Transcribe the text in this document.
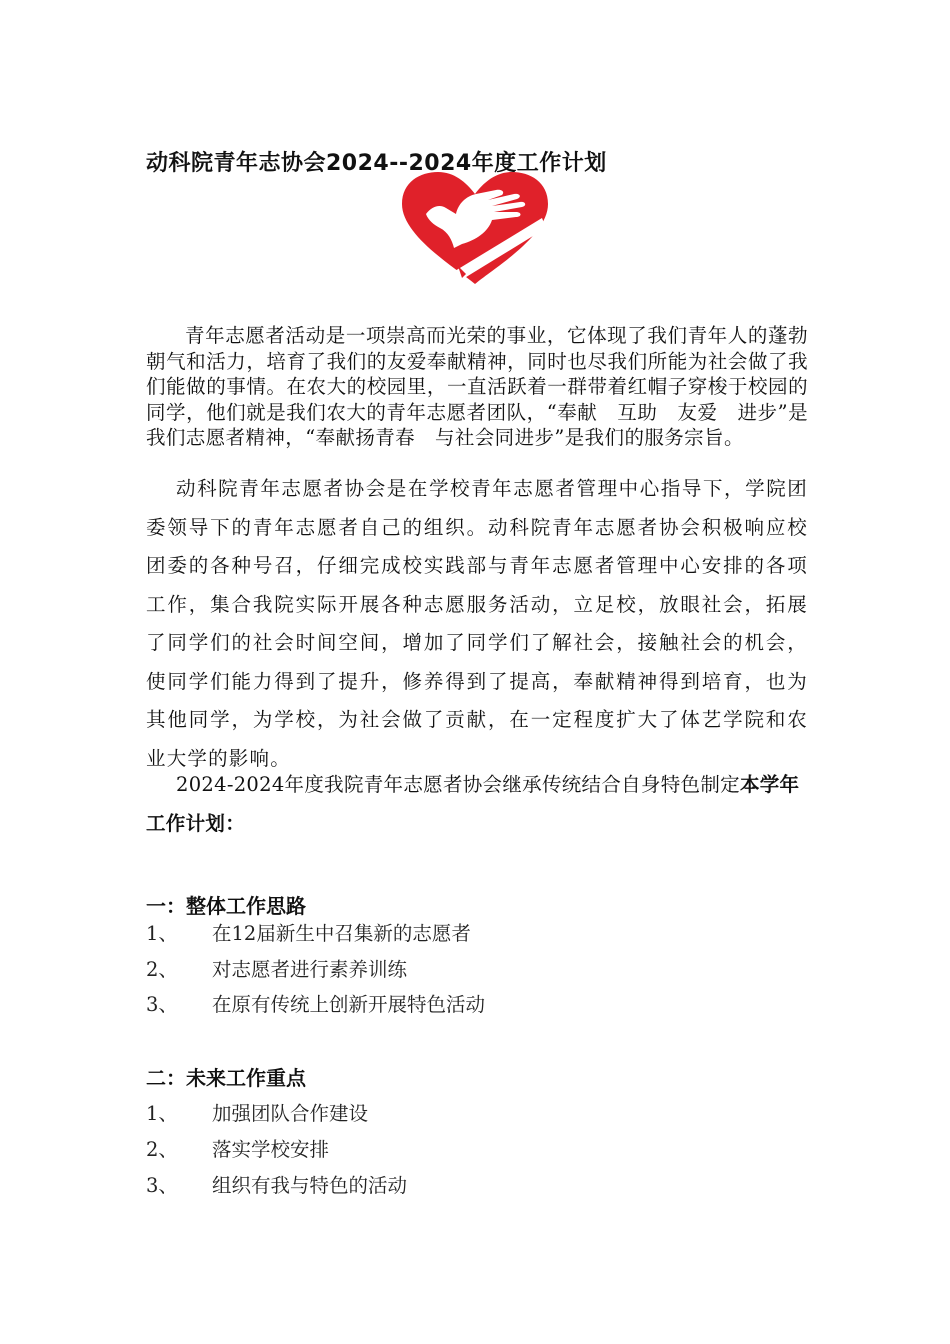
动科院青年志协会2024--2024年度工作计划

青年志愿者活动是一项崇高而光荣的事业，它体现了我们青年人的蓬勃朝气和活力，培育了我们的友爱奉献精神，同时也尽我们所能为社会做了我们能做的事情。在农大的校园里，一直活跃着一群带着红帽子穿梭于校园的同学，他们就是我们农大的青年志愿者团队，“奉献　互助　友爱　进步”是我们志愿者精神，“奉献扬青春　与社会同进步”是我们的服务宗旨。

动科院青年志愿者协会是在学校青年志愿者管理中心指导下，学院团委领导下的青年志愿者自己的组织。动科院青年志愿者协会积极响应校团委的各种号召，仔细完成校实践部与青年志愿者管理中心安排的各项工作，集合我院实际开展各种志愿服务活动，立足校，放眼社会，拓展了同学们的社会时间空间，增加了同学们了解社会，接触社会的机会，使同学们能力得到了提升，修养得到了提高，奉献精神得到培育，也为其他同学，为学校，为社会做了贡献，在一定程度扩大了体艺学院和农业大学的影响。

2024-2024年度我院青年志愿者协会继承传统结合自身特色制定本学年工作计划：

一：整体工作思路
1、 在12届新生中召集新的志愿者
2、 对志愿者进行素养训练
3、 在原有传统上创新开展特色活动
二：未来工作重点
1、 加强团队合作建设
2、 落实学校安排
3、 组织有我与特色的活动
